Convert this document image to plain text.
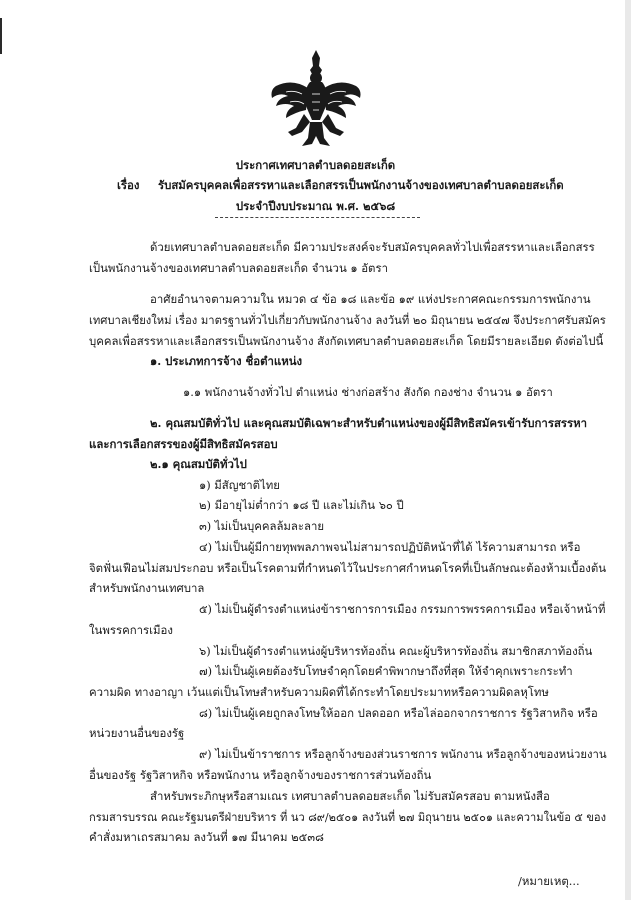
ประกาศเทศบาลตำบลดอยสะเก็ด
เรื่อง รับสมัครบุคคลเพื่อสรรหาและเลือกสรรเป็นพนักงานจ้างของเทศบาลตำบลดอยสะเก็ด
ประจำปีงบประมาณ พ.ศ. ๒๕๖๘
ด้วยเทศบาลตำบลดอยสะเก็ด มีความประสงค์จะรับสมัครบุคคลทั่วไปเพื่อสรรหาและเลือกสรร
เป็นพนักงานจ้างของเทศบาลตำบลดอยสะเก็ด จำนวน ๑ อัตรา
อาศัยอำนาจตามความใน หมวด ๔ ข้อ ๑๘ และข้อ ๑๙ แห่งประกาศคณะกรรมการพนักงาน
เทศบาลเชียงใหม่ เรื่อง มาตรฐานทั่วไปเกี่ยวกับพนักงานจ้าง ลงวันที่ ๒๐ มิถุนายน ๒๕๔๗ จึงประกาศรับสมัคร
บุคคลเพื่อสรรหาและเลือกสรรเป็นพนักงานจ้าง สังกัดเทศบาลตำบลดอยสะเก็ด โดยมีรายละเอียด ดังต่อไปนี้
๑. ประเภทการจ้าง ชื่อตำแหน่ง
๑.๑ พนักงานจ้างทั่วไป ตำแหน่ง ช่างก่อสร้าง สังกัด กองช่าง จำนวน ๑ อัตรา
๒. คุณสมบัติทั่วไป และคุณสมบัติเฉพาะสำหรับตำแหน่งของผู้มีสิทธิสมัครเข้ารับการสรรหา
และการเลือกสรรของผู้มีสิทธิสมัครสอบ
๒.๑ คุณสมบัติทั่วไป
๑) มีสัญชาติไทย
๒) มีอายุไม่ต่ำกว่า ๑๘ ปี และไม่เกิน ๖๐ ปี
๓) ไม่เป็นบุคคลล้มละลาย
๔) ไม่เป็นผู้มีกายทุพพลภาพจนไม่สามารถปฏิบัติหน้าที่ได้ ไร้ความสามารถ หรือ
จิตฟั่นเฟือนไม่สมประกอบ หรือเป็นโรคตามที่กำหนดไว้ในประกาศกำหนดโรคที่เป็นลักษณะต้องห้ามเบื้องต้น
สำหรับพนักงานเทศบาล
๕) ไม่เป็นผู้ดำรงตำแหน่งข้าราชการการเมือง กรรมการพรรคการเมือง หรือเจ้าหน้าที่
ในพรรคการเมือง
๖) ไม่เป็นผู้ดำรงตำแหน่งผู้บริหารท้องถิ่น คณะผู้บริหารท้องถิ่น สมาชิกสภาท้องถิ่น
๗) ไม่เป็นผู้เคยต้องรับโทษจำคุกโดยคำพิพากษาถึงที่สุด ให้จำคุกเพราะกระทำ
ความผิด ทางอาญา เว้นแต่เป็นโทษสำหรับความผิดที่ได้กระทำโดยประมาทหรือความผิดลหุโทษ
๘) ไม่เป็นผู้เคยถูกลงโทษให้ออก ปลดออก หรือไล่ออกจากราชการ รัฐวิสาหกิจ หรือ
หน่วยงานอื่นของรัฐ
๙) ไม่เป็นข้าราชการ หรือลูกจ้างของส่วนราชการ พนักงาน หรือลูกจ้างของหน่วยงาน
อื่นของรัฐ รัฐวิสาหกิจ หรือพนักงาน หรือลูกจ้างของราชการส่วนท้องถิ่น
สำหรับพระภิกษุหรือสามเณร เทศบาลตำบลดอยสะเก็ด ไม่รับสมัครสอบ ตามหนังสือ
กรมสารบรรณ คณะรัฐมนตรีฝ่ายบริหาร ที่ นว ๘๙/๒๕๐๑ ลงวันที่ ๒๗ มิถุนายน ๒๕๐๑ และความในข้อ ๕ ของ
คำสั่งมหาเถรสมาคม ลงวันที่ ๑๗ มีนาคม ๒๕๓๘
/หมายเหตุ...
